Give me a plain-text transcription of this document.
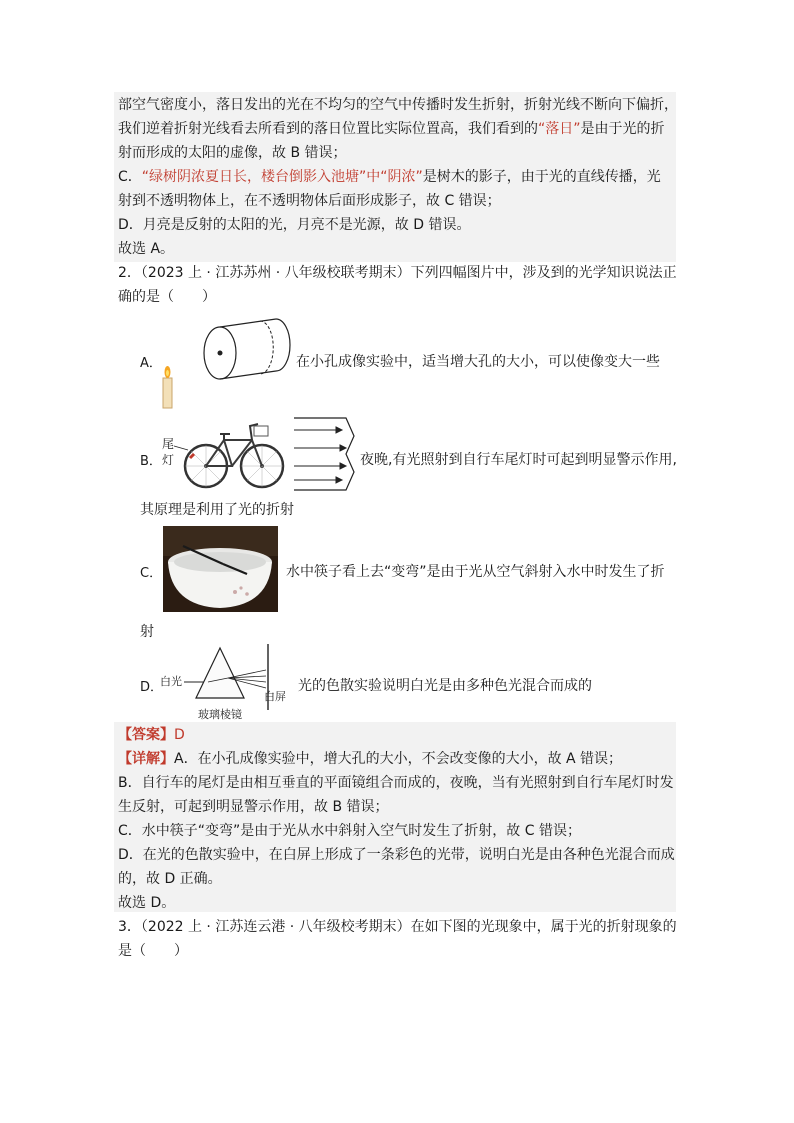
部空气密度小，落日发出的光在不均匀的空气中传播时发生折射，折射光线不断向下偏折，
我们逆着折射光线看去所看到的落日位置比实际位置高，我们看到的“落日”是由于光的折
射而形成的太阳的虚像，故 B 错误；
C．“绿树阴浓夏日长，楼台倒影入池塘”中“阴浓”是树木的影子，由于光的直线传播，光
射到不透明物体上，在不透明物体后面形成影子，故 C 错误；
D．月亮是反射的太阳的光，月亮不是光源，故 D 错误。
故选 A。
2．（2023 上 · 江苏苏州 · 八年级校联考期末）下列四幅图片中，涉及到的光学知识说法正
确的是（　　）
A．	在小孔成像实验中，适当增大孔的大小，可以使像变大一些
B．
尾
灯	夜晚,有光照射到自行车尾灯时可起到明显警示作用,
其原理是利用了光的折射
C．	水中筷子看上去“变弯”是由于光从空气斜射入水中时发生了折
射
D．
白光
白屏
玻璃棱镜
光的色散实验说明白光是由多种色光混合而成的
【答案】D
【详解】A．在小孔成像实验中，增大孔的大小，不会改变像的大小，故 A 错误；
B．自行车的尾灯是由相互垂直的平面镜组合而成的，夜晚，当有光照射到自行车尾灯时发
生反射，可起到明显警示作用，故 B 错误；
C．水中筷子“变弯”是由于光从水中斜射入空气时发生了折射，故 C 错误；
D．在光的色散实验中，在白屏上形成了一条彩色的光带，说明白光是由各种色光混合而成
的，故 D 正确。
故选 D。
3．（2022 上 · 江苏连云港 · 八年级校考期末）在如下图的光现象中，属于光的折射现象的
是（　　）
